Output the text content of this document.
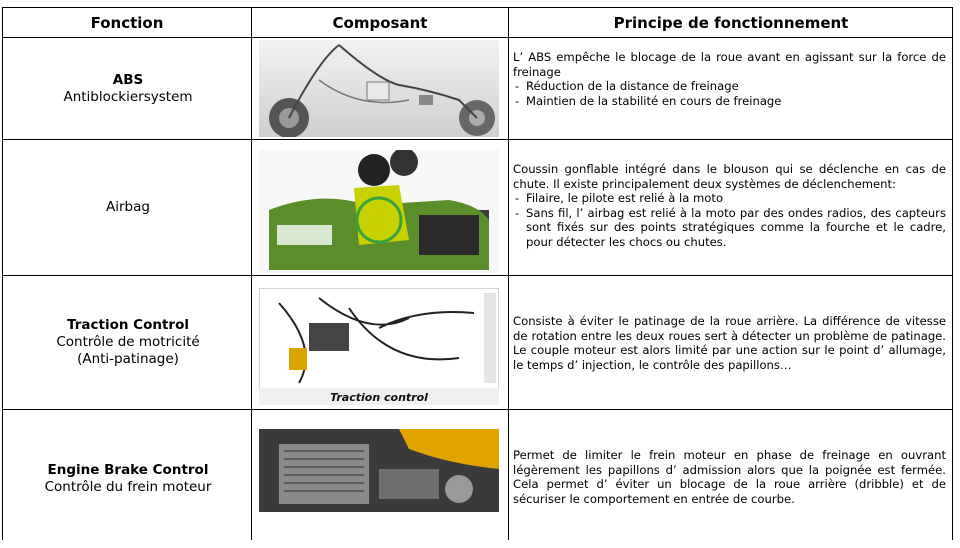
Fonction	Composant	Principe de fonctionnement
ABS
Antiblockiersystem

L’ ABS empêche le blocage de la roue avant en agissant sur la force de freinage

- Réduction de la distance de freinage
- Maintien de la stabilité en cours de freinage
Airbag

Coussin gonflable intégré dans le blouson qui se déclenche en cas de chute. Il existe principalement deux systèmes de déclenchement:

- Filaire, le pilote est relié à la moto
- Sans fil, l’ airbag est relié à la moto par des ondes radios, des capteurs sont fixés sur des points stratégiques comme la fourche et le cadre, pour détecter les chocs ou chutes.
Traction Control
Contrôle de motricité (Anti-patinage)
Traction control

Consiste à éviter le patinage de la roue arrière. La différence de vitesse de rotation entre les deux roues sert à détecter un problème de patinage. Le couple moteur est alors limité par une action sur le point d’ allumage, le temps d’ injection, le contrôle des papillons…

Engine Brake Control
Contrôle du frein moteur

Permet de limiter le frein moteur en phase de freinage en ouvrant légèrement les papillons d’ admission alors que la poignée est fermée. Cela permet d’ éviter un blocage de la roue arrière (dribble) et de sécuriser le comportement en entrée de courbe.
